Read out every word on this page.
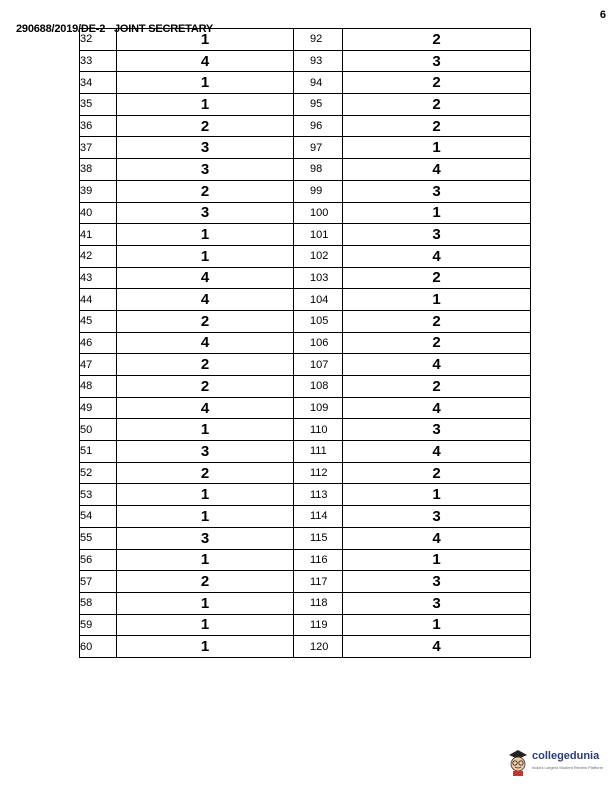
6
290688/2019/DE-2 JOINT SECRETARY
32	1	92	2
33	4	93	3
34	1	94	2
35	1	95	2
36	2	96	2
37	3	97	1
38	3	98	4
39	2	99	3
40	3	100	1
41	1	101	3
42	1	102	4
43	4	103	2
44	4	104	1
45	2	105	2
46	4	106	2
47	2	107	4
48	2	108	2
49	4	109	4
50	1	110	3
51	3	111	4
52	2	112	2
53	1	113	1
54	1	114	3
55	3	115	4
56	1	116	1
57	2	117	3
58	1	118	3
59	1	119	1
60	1	120	4
collegedunia
India's Largest Student Review Platform
